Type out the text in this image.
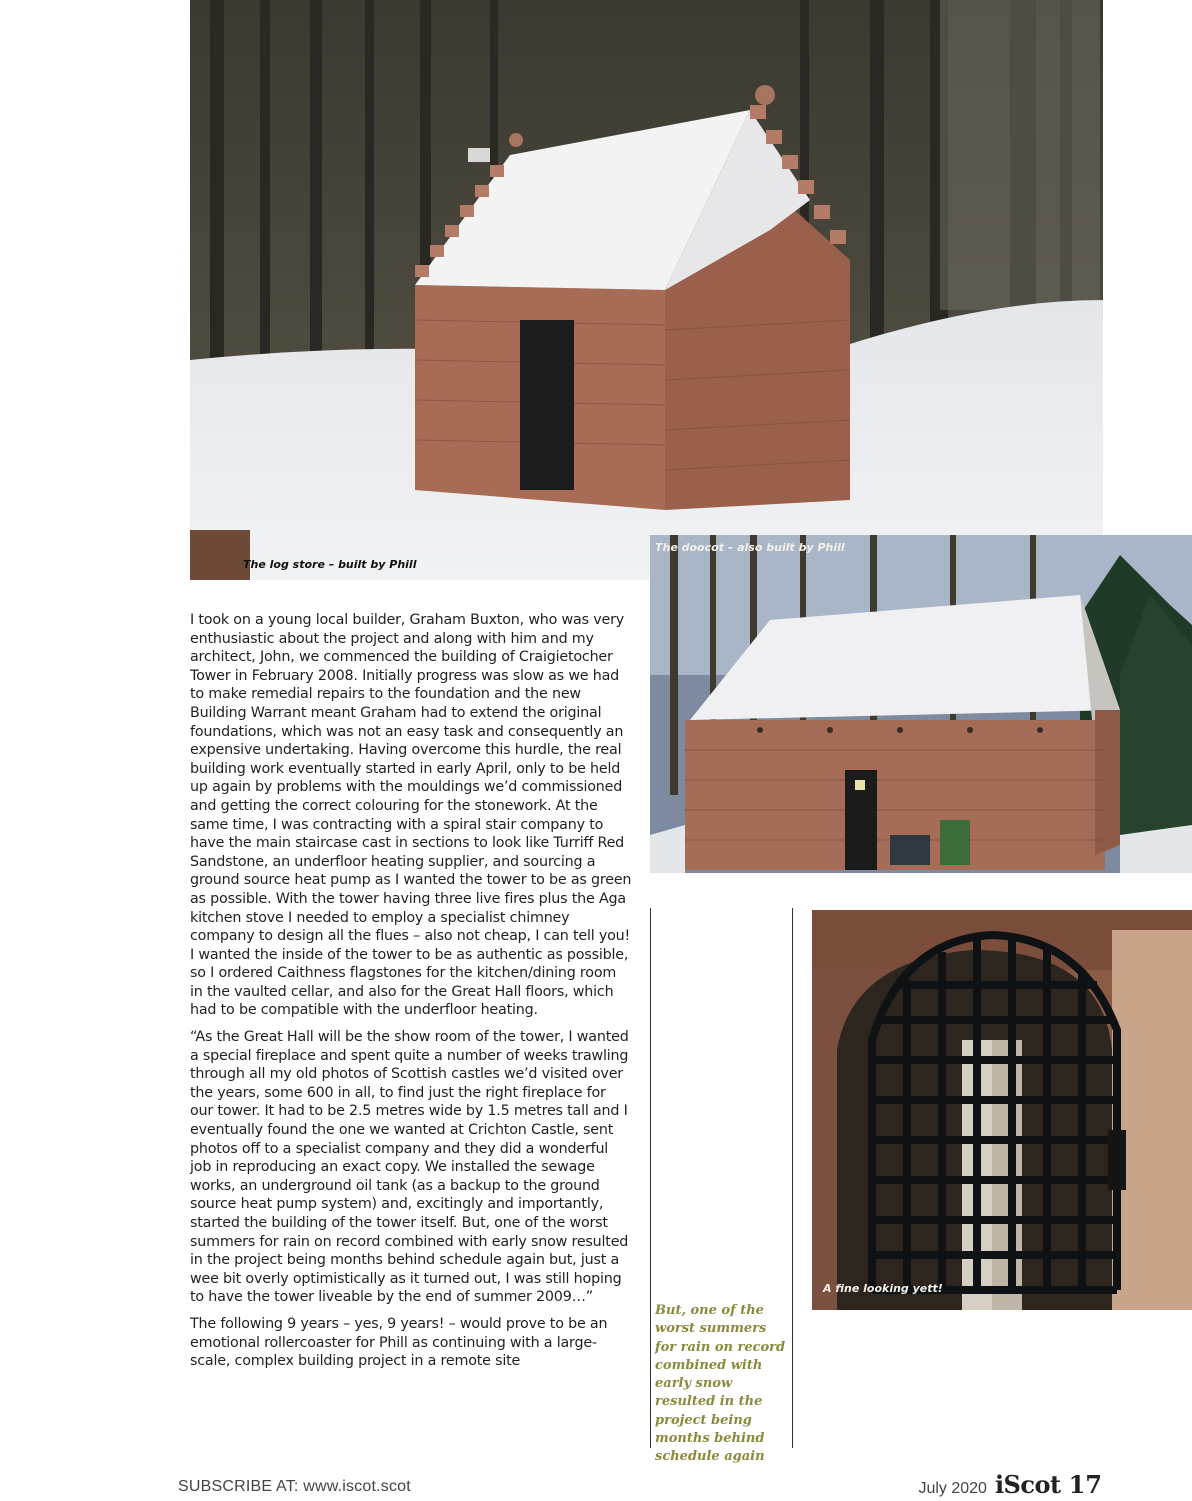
The log store – built by Phill
The doocot – also built by Phill
A fine looking yett!

I took on a young local builder, Graham Buxton, who was very enthusiastic about the project and along with him and my architect, John, we commenced the building of Craigietocher Tower in February 2008. Initially progress was slow as we had to make remedial repairs to the foundation and the new Building Warrant meant Graham had to extend the original foundations, which was not an easy task and consequently an expensive undertaking. Having overcome this hurdle, the real building work eventually started in early April, only to be held up again by problems with the mouldings we’d commissioned and getting the correct colouring for the stonework. At the same time, I was contracting with a spiral stair company to have the main staircase cast in sections to look like Turriff Red Sandstone, an underfloor heating supplier, and sourcing a ground source heat pump as I wanted the tower to be as green as possible. With the tower having three live fires plus the Aga kitchen stove I needed to employ a specialist chimney company to design all the flues – also not cheap, I can tell you! I wanted the inside of the tower to be as authentic as possible, so I ordered Caithness flagstones for the kitchen/dining room in the vaulted cellar, and also for the Great Hall floors, which had to be compatible with the underfloor heating.

“As the Great Hall will be the show room of the tower, I wanted a special fireplace and spent quite a number of weeks trawling through all my old photos of Scottish castles we’d visited over the years, some 600 in all, to find just the right fireplace for our tower. It had to be 2.5 metres wide by 1.5 metres tall and I eventually found the one we wanted at Crichton Castle, sent photos off to a specialist company and they did a wonderful job in reproducing an exact copy. We installed the sewage works, an underground oil tank (as a backup to the ground source heat pump system) and, excitingly and importantly, started the building of the tower itself. But, one of the worst summers for rain on record combined with early snow resulted in the project being months behind schedule again but, just a wee bit overly optimistically as it turned out, I was still hoping to have the tower liveable by the end of summer 2009…”

The following 9 years – yes, 9 years! – would prove to be an emotional rollercoaster for Phill as continuing with a large-scale, complex building project in a remote site

But, one of the worst summers for rain on record combined with early snow resulted in the project being months behind schedule again
SUBSCRIBE AT: www.iscot.scot	July 2020 iScot 17
